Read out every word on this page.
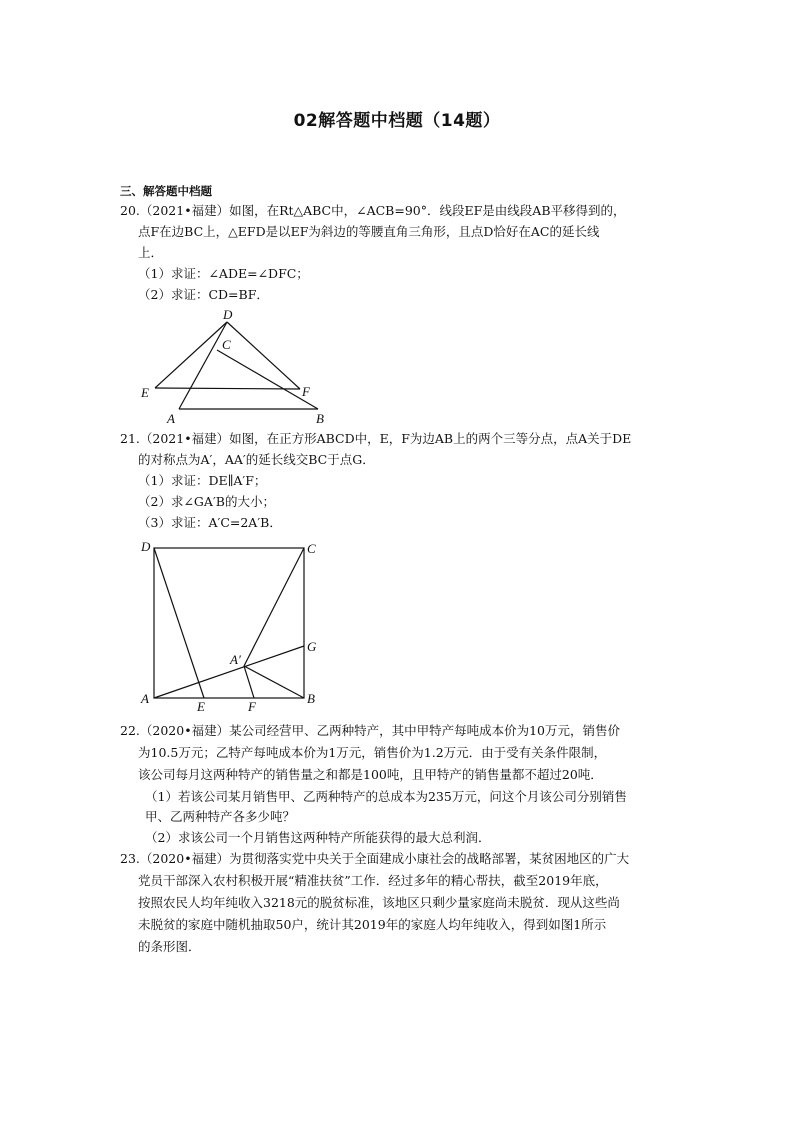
02解答题中档题（14题）
三、解答题中档题
20.（2021•福建）如图，在Rt△ABC中，∠ACB=90°．线段EF是由线段AB平移得到的，
点F在边BC上，△EFD是以EF为斜边的等腰直角三角形，且点D恰好在AC的延长线
上．
（1）求证：∠ADE=∠DFC；
（2）求证：CD=BF．
D
C
E	F
A	B
21.（2021•福建）如图，在正方形ABCD中，E，F为边AB上的两个三等分点，点A关于DE
的对称点为A′，AA′的延长线交BC于点G．
（1）求证：DE∥A′F；
（2）求∠GA′B的大小；
（3）求证：A′C=2A′B．
D	C
G
A′
A
E	F
B
22.（2020•福建）某公司经营甲、乙两种特产，其中甲特产每吨成本价为10万元，销售价
为10.5万元；乙特产每吨成本价为1万元，销售价为1.2万元．由于受有关条件限制，
该公司每月这两种特产的销售量之和都是100吨，且甲特产的销售量都不超过20吨．
（1）若该公司某月销售甲、乙两种特产的总成本为235万元，问这个月该公司分别销售
甲、乙两种特产各多少吨？
（2）求该公司一个月销售这两种特产所能获得的最大总利润．
23.（2020•福建）为贯彻落实党中央关于全面建成小康社会的战略部署，某贫困地区的广大
党员干部深入农村积极开展“精准扶贫”工作．经过多年的精心帮扶，截至2019年底，
按照农民人均年纯收入3218元的脱贫标准，该地区只剩少量家庭尚未脱贫．现从这些尚
未脱贫的家庭中随机抽取50户，统计其2019年的家庭人均年纯收入，得到如图1所示
的条形图．
